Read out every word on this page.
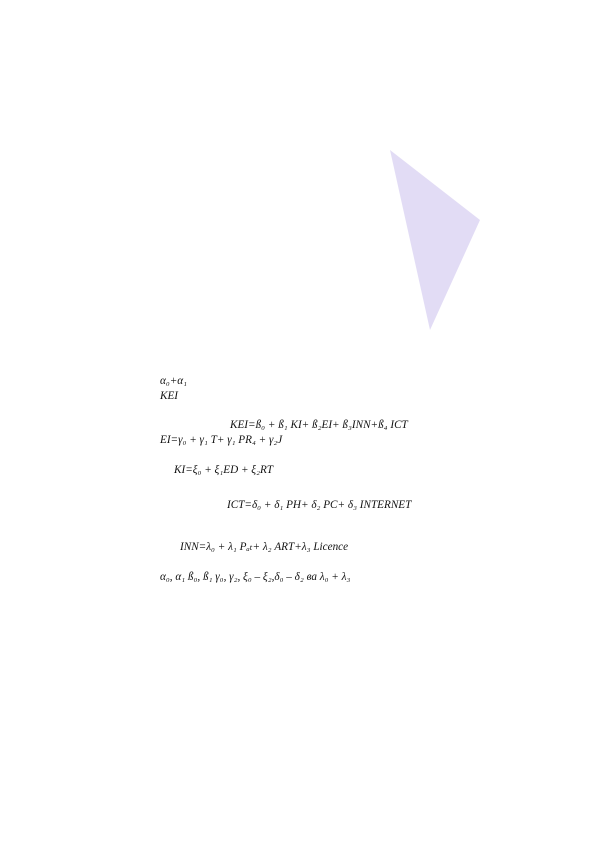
α₀+α₁
KEI

KEI=ß₀ + ß₁ KI+ ß₂EI+ ß₃INN+ß₄ ICT

EI=γ₀ + γ₁ T+ γ₁ PR₄ + γ₂J

KI=ξ₀ + ξ₁ED + ξ₂RT

ICT=δ₀ + δ₁ PH+ δ₂ PC+ δ₃ INTERNET

INN=λ₀ + λ₁ Pₐₜ+ λ₂ ART+λ₃ Licence

α₀, α₁ ß₀, ß₁ γ₀, γ₂, ξ₀ – ξ₂,δ₀ – δ₂ ва λ₀ + λ₃
